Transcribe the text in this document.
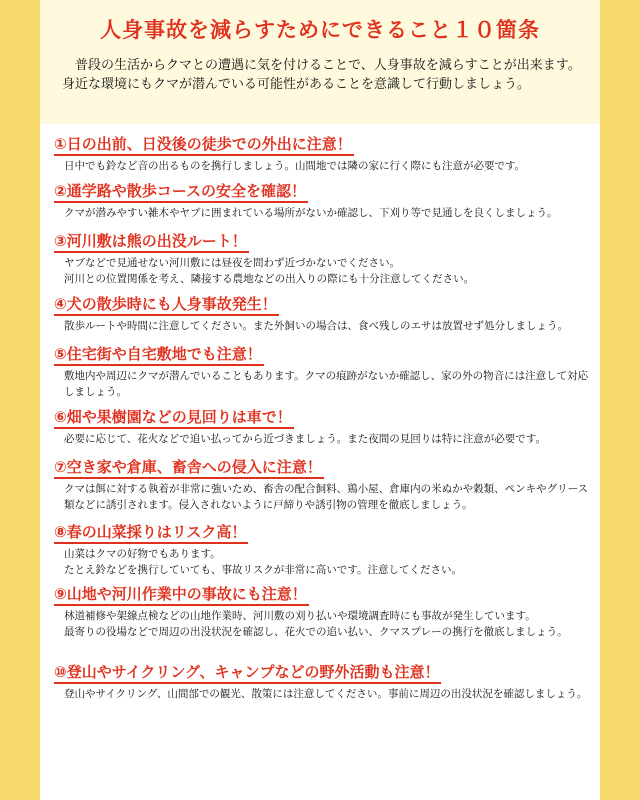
人身事故を減らすためにできること１０箇条

普段の生活からクマとの遭遇に気を付けることで、人身事故を減らすことが出来ます。身近な環境にもクマが潜んでいる可能性があることを意識して行動しましょう。

①日の出前、日没後の徒歩での外出に注意！

日中でも鈴など音の出るものを携行しましょう。山間地では隣の家に行く際にも注意が必要です。

②通学路や散歩コースの安全を確認！

クマが潜みやすい雑木やヤブに囲まれている場所がないか確認し、下刈り等で見通しを良くしましょう。

③河川敷は熊の出没ルート！

ヤブなどで見通せない河川敷には昼夜を問わず近づかないでください。

河川との位置関係を考え、隣接する農地などの出入りの際にも十分注意してください。

④犬の散歩時にも人身事故発生！

散歩ルートや時間に注意してください。また外飼いの場合は、食べ残しのエサは放置せず処分しましょう。

⑤住宅街や自宅敷地でも注意！

敷地内や周辺にクマが潜んでいることもあります。クマの痕跡がないか確認し、家の外の物音には注意して対応しましょう。

⑥畑や果樹園などの見回りは車で！

必要に応じて、花火などで追い払ってから近づきましょう。また夜間の見回りは特に注意が必要です。

⑦空き家や倉庫、畜舎への侵入に注意！

クマは餌に対する執着が非常に強いため、畜舎の配合飼料、鶏小屋、倉庫内の米ぬかや穀類、ペンキやグリース類などに誘引されます。侵入されないように戸締りや誘引物の管理を徹底しましょう。

⑧春の山菜採りはリスク高！

山菜はクマの好物でもあります。

たとえ鈴などを携行していても、事故リスクが非常に高いです。注意してください。

⑨山地や河川作業中の事故にも注意！

林道補修や架線点検などの山地作業時、河川敷の刈り払いや環境調査時にも事故が発生しています。

最寄りの役場などで周辺の出没状況を確認し、花火での追い払い、クマスプレーの携行を徹底しましょう。

⑩登山やサイクリング、キャンプなどの野外活動も注意！

登山やサイクリング、山間部での観光、散策には注意してください。事前に周辺の出没状況を確認しましょう。
